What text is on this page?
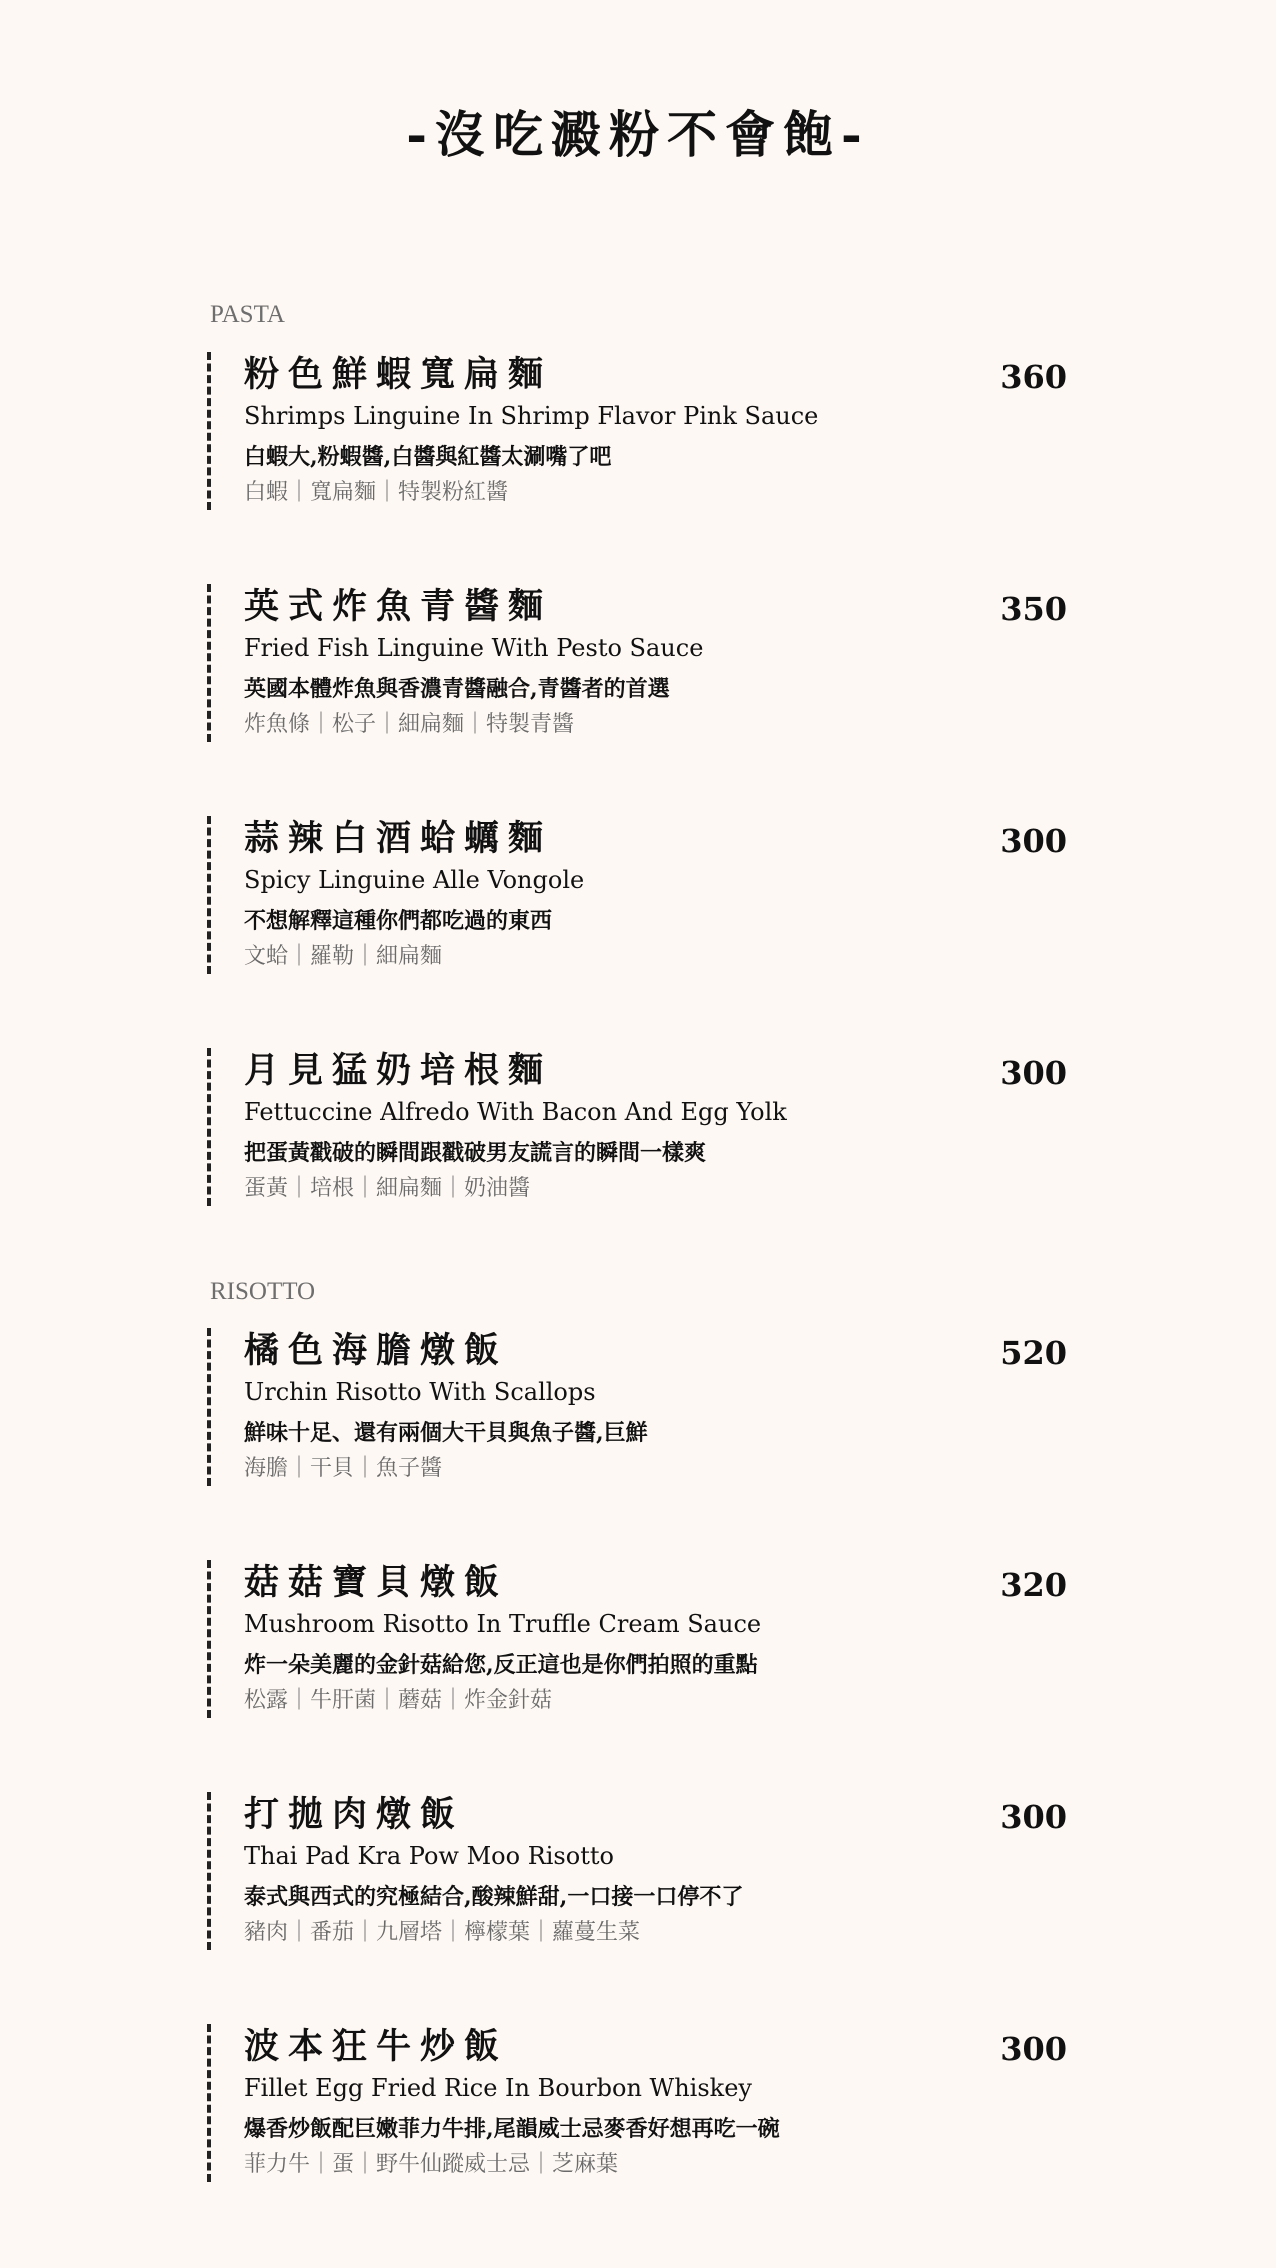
-沒吃澱粉不會飽-
PASTA
粉色鮮蝦寬扁麵	360
Shrimps Linguine In Shrimp Flavor Pink Sauce
白蝦大,粉蝦醬,白醬與紅醬太涮嘴了吧
白蝦｜寬扁麵｜特製粉紅醬
英式炸魚青醬麵	350
Fried Fish Linguine With Pesto Sauce
英國本體炸魚與香濃青醬融合,青醬者的首選
炸魚條｜松子｜細扁麵｜特製青醬
蒜辣白酒蛤蠣麵	300
Spicy Linguine Alle Vongole
不想解釋這種你們都吃過的東西
文蛤｜羅勒｜細扁麵
月見猛奶培根麵	300
Fettuccine Alfredo With Bacon And Egg Yolk
把蛋黃戳破的瞬間跟戳破男友謊言的瞬間一樣爽
蛋黃｜培根｜細扁麵｜奶油醬
RISOTTO
橘色海膽燉飯	520
Urchin Risotto With Scallops
鮮味十足、還有兩個大干貝與魚子醬,巨鮮
海膽｜干貝｜魚子醬
菇菇寶貝燉飯	320
Mushroom Risotto In Truffle Cream Sauce
炸一朵美麗的金針菇給您,反正這也是你們拍照的重點
松露｜牛肝菌｜蘑菇｜炸金針菇
打拋肉燉飯	300
Thai Pad Kra Pow Moo Risotto
泰式與西式的究極結合,酸辣鮮甜,一口接一口停不了
豬肉｜番茄｜九層塔｜檸檬葉｜蘿蔓生菜
波本狂牛炒飯	300
Fillet Egg Fried Rice In Bourbon Whiskey
爆香炒飯配巨嫩菲力牛排,尾韻威士忌麥香好想再吃一碗
菲力牛｜蛋｜野牛仙蹤威士忌｜芝麻葉
